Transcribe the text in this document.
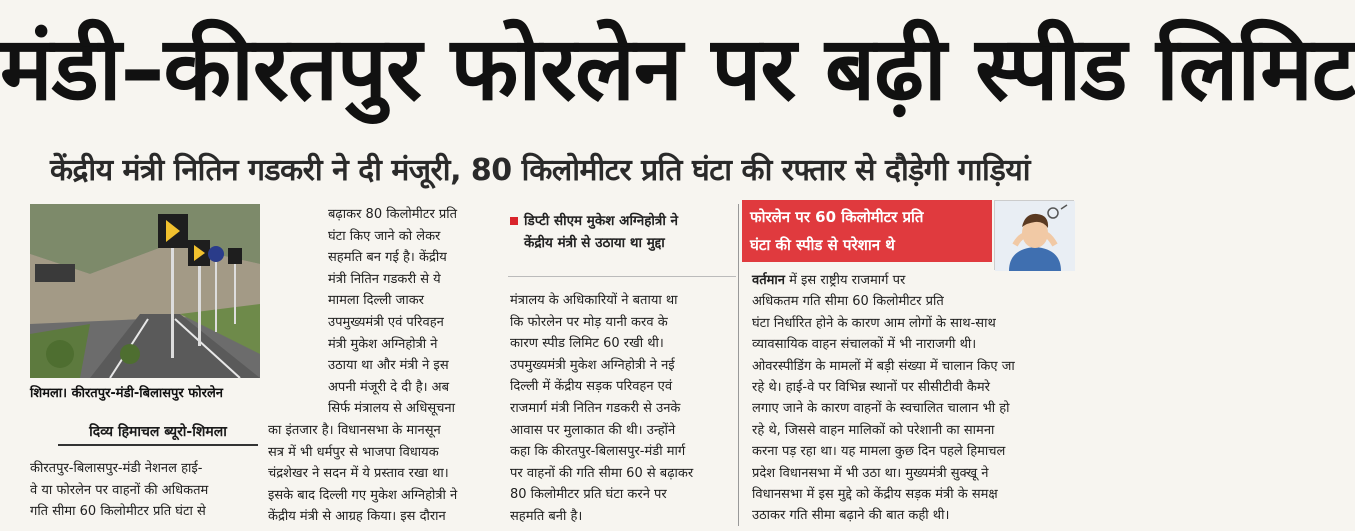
मंडी–कीरतपुर फोरलेन पर बढ़ी स्पीड लिमिट
केंद्रीय मंत्री नितिन गडकरी ने दी मंजूरी, 80 किलोमीटर प्रति घंटा की रफ्तार से दौड़ेगी गाड़ियां
शिमला। कीरतपुर-मंडी-बिलासपुर फोरलेन
दिव्य हिमाचल ब्यूरो-शिमला

कीरतपुर-बिलासपुर-मंडी नेशनल हाई-

वे या फोरलेन पर वाहनों की अधिकतम

गति सीमा 60 किलोमीटर प्रति घंटा से

बढ़ाकर 80 किलोमीटर प्रति

घंटा किए जाने को लेकर

सहमति बन गई है। केंद्रीय

मंत्री नितिन गडकरी से ये

मामला दिल्ली जाकर

उपमुख्यमंत्री एवं परिवहन

मंत्री मुकेश अग्निहोत्री ने

उठाया था और मंत्री ने इस

अपनी मंजूरी दे दी है। अब

सिर्फ मंत्रालय से अधिसूचना

का इंतजार है। विधानसभा के मानसून

सत्र में भी धर्मपुर से भाजपा विधायक

चंद्रशेखर ने सदन में ये प्रस्ताव रखा था।

इसके बाद दिल्ली गए मुकेश अग्निहोत्री ने

केंद्रीय मंत्री से आग्रह किया। इस दौरान

डिप्टी सीएम मुकेश अग्निहोत्री ने
केंद्रीय मंत्री से उठाया था मुद्दा

मंत्रालय के अधिकारियों ने बताया था

कि फोरलेन पर मोड़ यानी करव के

कारण स्पीड लिमिट 60 रखी थी।

उपमुख्यमंत्री मुकेश अग्निहोत्री ने नई

दिल्ली में केंद्रीय सड़क परिवहन एवं

राजमार्ग मंत्री नितिन गडकरी से उनके

आवास पर मुलाकात की थी। उन्होंने

कहा कि कीरतपुर-बिलासपुर-मंडी मार्ग

पर वाहनों की गति सीमा 60 से बढ़ाकर

80 किलोमीटर प्रति घंटा करने पर

सहमति बनी है।

फोरलेन पर 60 किलोमीटर प्रति

घंटा की स्पीड से परेशान थे

वर्तमान में इस राष्ट्रीय राजमार्ग पर

अधिकतम गति सीमा 60 किलोमीटर प्रति

घंटा निर्धारित होने के कारण आम लोगों के साथ-साथ

व्यावसायिक वाहन संचालकों में भी नाराजगी थी।

ओवरस्पीडिंग के मामलों में बड़ी संख्या में चालान किए जा

रहे थे। हाई-वे पर विभिन्न स्थानों पर सीसीटीवी कैमरे

लगाए जाने के कारण वाहनों के स्वचालित चालान भी हो

रहे थे, जिससे वाहन मालिकों को परेशानी का सामना

करना पड़ रहा था। यह मामला कुछ दिन पहले हिमाचल

प्रदेश विधानसभा में भी उठा था। मुख्यमंत्री सुक्खू ने

विधानसभा में इस मुद्दे को केंद्रीय सड़क मंत्री के समक्ष

उठाकर गति सीमा बढ़ाने की बात कही थी।
